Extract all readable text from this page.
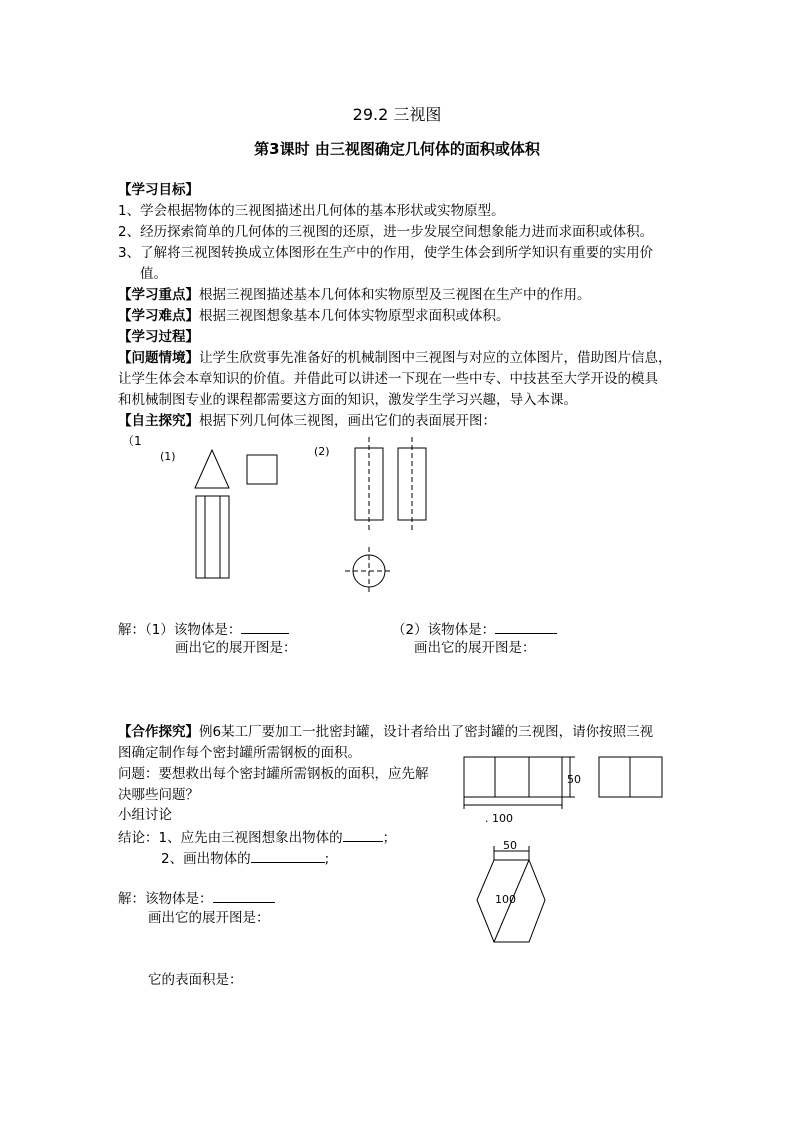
29.2 三视图
第3课时 由三视图确定几何体的面积或体积
【学习目标】
1、学会根据物体的三视图描述出几何体的基本形状或实物原型。
2、经历探索简单的几何体的三视图的还原，进一步发展空间想象能力进而求面积或体积。
3、了解将三视图转换成立体图形在生产中的作用，使学生体会到所学知识有重要的实用价
值。
【学习重点】根据三视图描述基本几何体和实物原型及三视图在生产中的作用。
【学习难点】根据三视图想象基本几何体实物原型求面积或体积。
【学习过程】
【问题情境】让学生欣赏事先准备好的机械制图中三视图与对应的立体图片，借助图片信息，
让学生体会本章知识的价值。并借此可以讲述一下现在一些中专、中技甚至大学开设的模具
和机械制图专业的课程都需要这方面的知识，激发学生学习兴趣，导入本课。
【自主探究】根据下列几何体三视图，画出它们的表面展开图：
（1
(1)	(2)
解：（1）该物体是：	（2）该物体是：
画出它的展开图是：	画出它的展开图是：
【合作探究】例6某工厂要加工一批密封罐，设计者给出了密封罐的三视图，请你按照三视
图确定制作每个密封罐所需钢板的面积。
问题：要想救出每个密封罐所需钢板的面积，应先解
决哪些问题？
小组讨论
结论：1、应先由三视图想象出物体的	；
2、画出物体的	;
解：该物体是：
画出它的展开图是：
它的表面积是：
50
. 100
50
100
